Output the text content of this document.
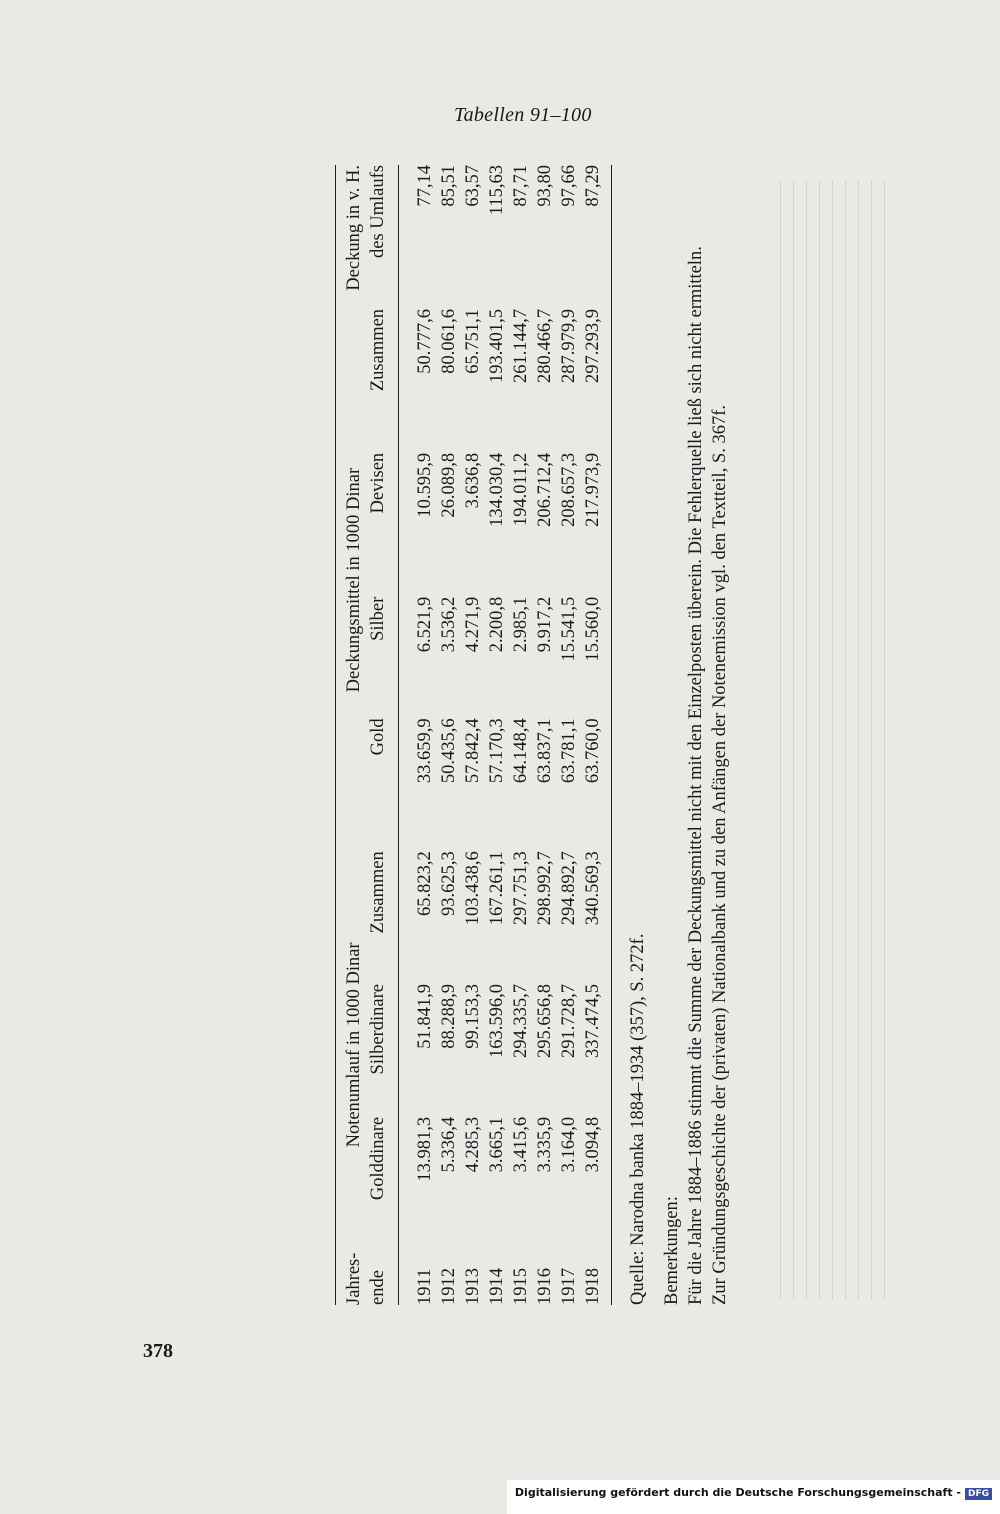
Tabellen 91–100
378

Jahres-	Notenumlauf in 1000 Dinar			Deckungsmittel in 1000 Dinar				Deckung in v. H.
ende	Golddinare	Silberdinare	Zusammen	Gold	Silber	Devisen	Zusammen	des Umlaufs

1911	13.981,3	51.841,9	65.823,2	33.659,9	6.521,9	10.595,9	50.777,6	77,14
1912	5.336,4	88.288,9	93.625,3	50.435,6	3.536,2	26.089,8	80.061,6	85,51
1913	4.285,3	99.153,3	103.438,6	57.842,4	4.271,9	3.636,8	65.751,1	63,57
1914	3.665,1	163.596,0	167.261,1	57.170,3	2.200,8	134.030,4	193.401,5	115,63
1915	3.415,6	294.335,7	297.751,3	64.148,4	2.985,1	194.011,2	261.144,7	87,71
1916	3.335,9	295.656,8	298.992,7	63.837,1	9.917,2	206.712,4	280.466,7	93,80
1917	3.164,0	291.728,7	294.892,7	63.781,1	15.541,5	208.657,3	287.979,9	97,66
1918	3.094,8	337.474,5	340.569,3	63.760,0	15.560,0	217.973,9	297.293,9	87,29

Quelle: Narodna banka 1884–1934 (357), S. 272f. Bemerkungen: Für die Jahre 1884–1886 stimmt die Summe der Deckungsmittel nicht mit den Einzelposten überein. Die Fehlerquelle ließ sich nicht ermitteln. Zur Gründungsgeschichte der (privaten) Nationalbank und zu den Anfängen der Notenemission vgl. den Textteil, S. 367f.

Digitalisierung gefördert durch die Deutsche Forschungsgemeinschaft - DFG
